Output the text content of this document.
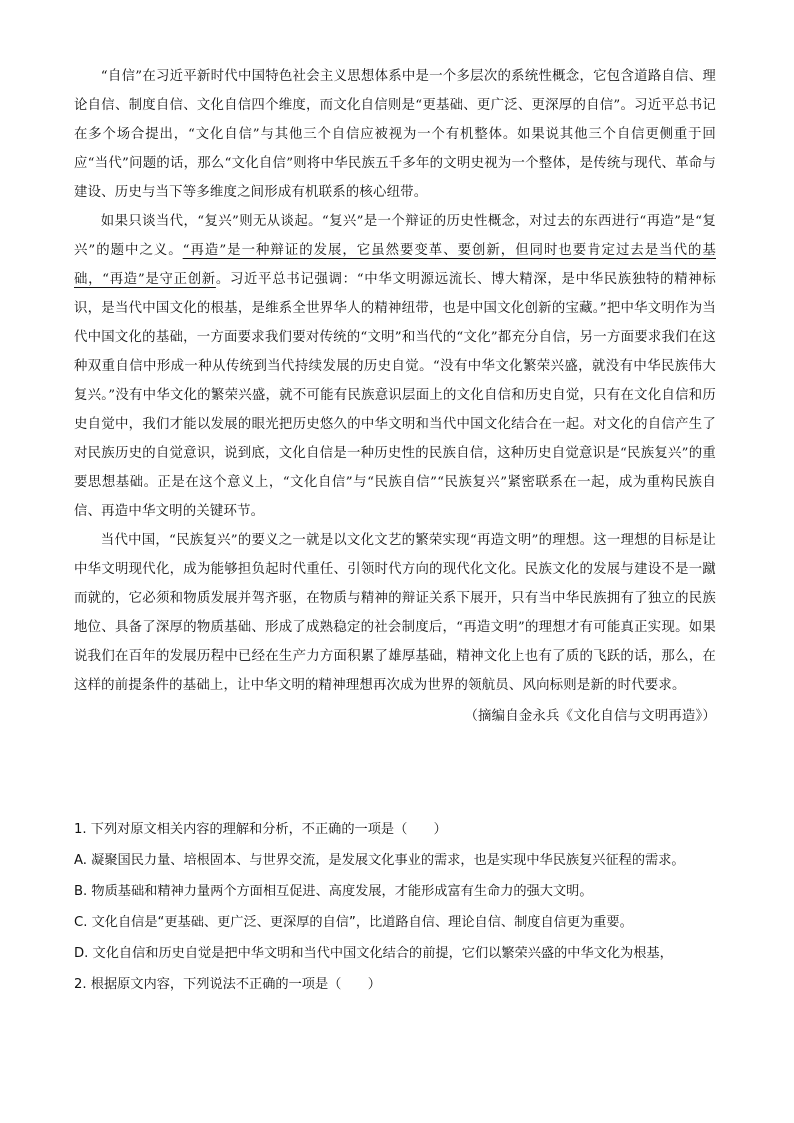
“自信”在习近平新时代中国特色社会主义思想体系中是一个多层次的系统性概念，它包含道路自信、理论自信、制度自信、文化自信四个维度，而文化自信则是“更基础、更广泛、更深厚的自信”。习近平总书记在多个场合提出，“文化自信”与其他三个自信应被视为一个有机整体。如果说其他三个自信更侧重于回应“当代”问题的话，那么“文化自信”则将中华民族五千多年的文明史视为一个整体，是传统与现代、革命与建设、历史与当下等多维度之间形成有机联系的核心纽带。

如果只谈当代，“复兴”则无从谈起。“复兴”是一个辩证的历史性概念，对过去的东西进行“再造”是“复兴”的题中之义。“再造”是一种辩证的发展，它虽然要变革、要创新，但同时也要肯定过去是当代的基础，“再造”是守正创新。习近平总书记强调：“中华文明源远流长、博大精深，是中华民族独特的精神标识，是当代中国文化的根基，是维系全世界华人的精神纽带，也是中国文化创新的宝藏。”把中华文明作为当代中国文化的基础，一方面要求我们要对传统的“文明”和当代的“文化”都充分自信，另一方面要求我们在这种双重自信中形成一种从传统到当代持续发展的历史自觉。“没有中华文化繁荣兴盛，就没有中华民族伟大复兴。”没有中华文化的繁荣兴盛，就不可能有民族意识层面上的文化自信和历史自觉，只有在文化自信和历史自觉中，我们才能以发展的眼光把历史悠久的中华文明和当代中国文化结合在一起。对文化的自信产生了对民族历史的自觉意识，说到底，文化自信是一种历史性的民族自信，这种历史自觉意识是“民族复兴”的重要思想基础。正是在这个意义上，“文化自信”与“民族自信”“民族复兴”紧密联系在一起，成为重构民族自信、再造中华文明的关键环节。

当代中国，“民族复兴”的要义之一就是以文化文艺的繁荣实现“再造文明”的理想。这一理想的目标是让中华文明现代化，成为能够担负起时代重任、引领时代方向的现代化文化。民族文化的发展与建设不是一蹴而就的，它必须和物质发展并驾齐驱，在物质与精神的辩证关系下展开，只有当中华民族拥有了独立的民族地位、具备了深厚的物质基础、形成了成熟稳定的社会制度后，“再造文明”的理想才有可能真正实现。如果说我们在百年的发展历程中已经在生产力方面积累了雄厚基础，精神文化上也有了质的飞跃的话，那么，在这样的前提条件的基础上，让中华文明的精神理想再次成为世界的领航员、风向标则是新的时代要求。

（摘编自金永兵《文化自信与文明再造》）

1. 下列对原文相关内容的理解和分析，不正确的一项是（　　）

A. 凝聚国民力量、培根固本、与世界交流，是发展文化事业的需求，也是实现中华民族复兴征程的需求。

B. 物质基础和精神力量两个方面相互促进、高度发展，才能形成富有生命力的强大文明。

C. 文化自信是“更基础、更广泛、更深厚的自信”，比道路自信、理论自信、制度自信更为重要。

D. 文化自信和历史自觉是把中华文明和当代中国文化结合的前提，它们以繁荣兴盛的中华文化为根基，

2. 根据原文内容，下列说法不正确的一项是（　　）
